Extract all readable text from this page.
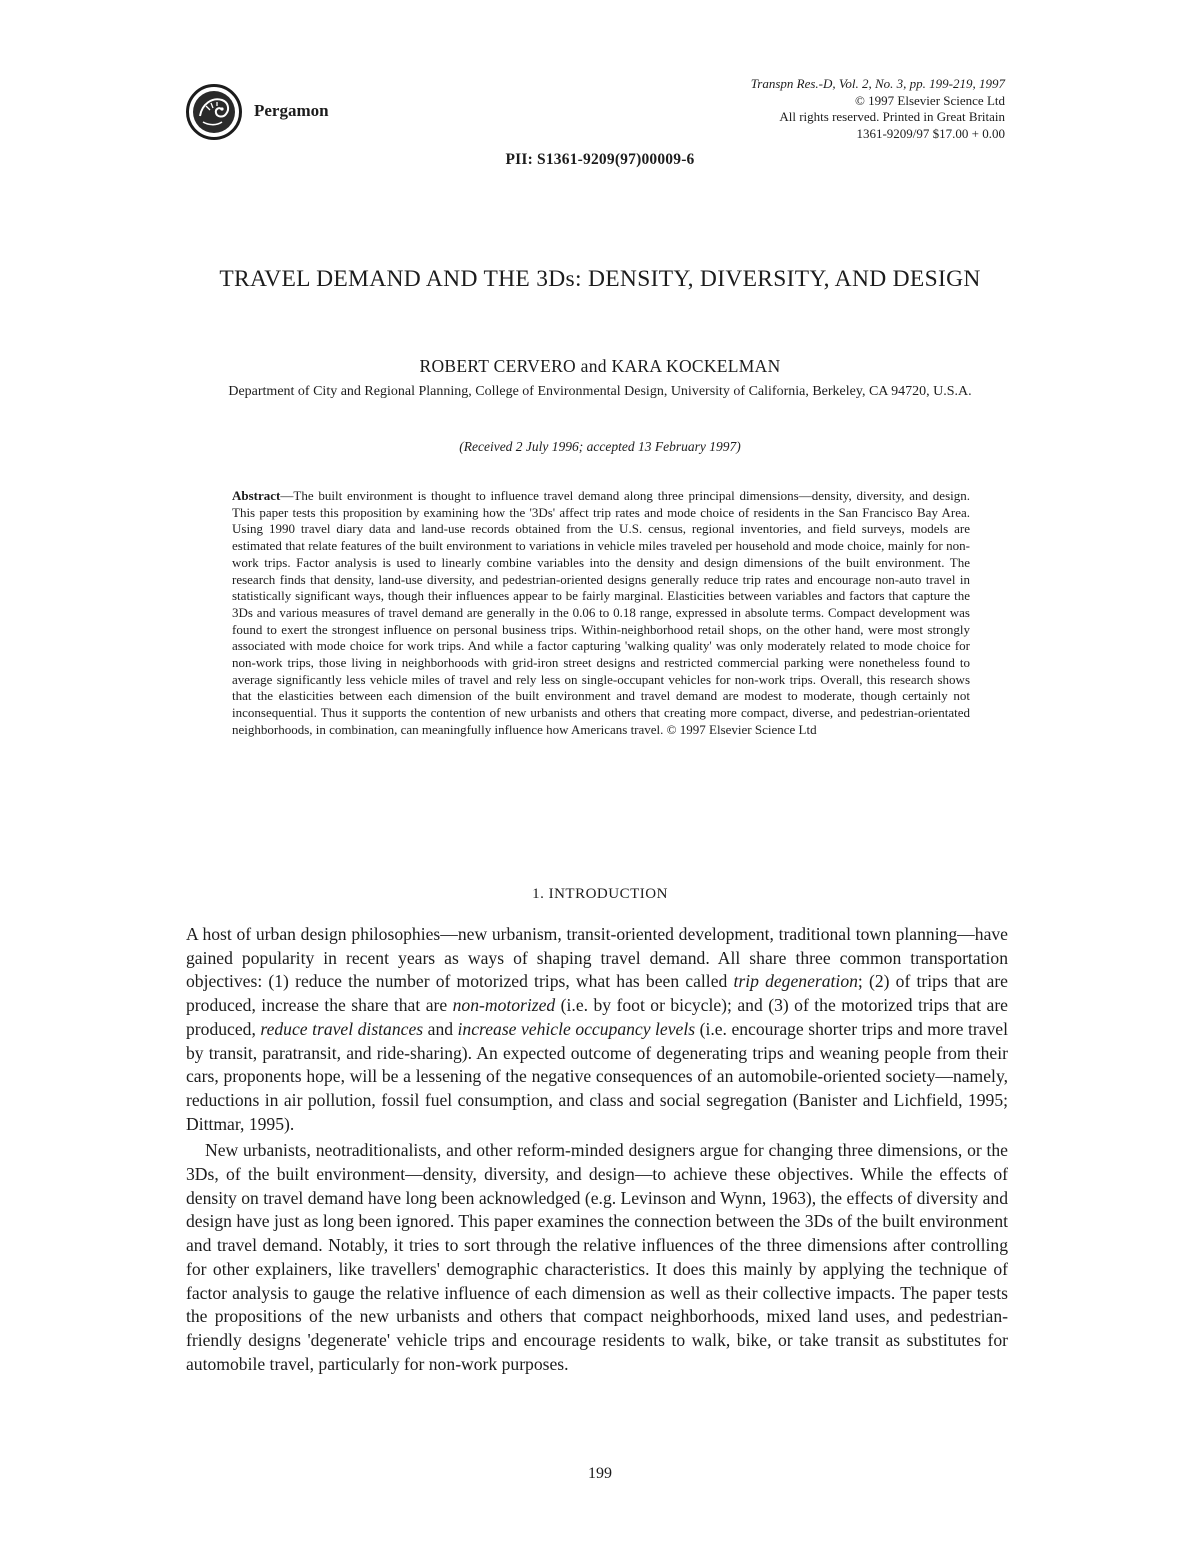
Pergamon
Transpn Res.-D, Vol. 2, No. 3, pp. 199-219, 1997
© 1997 Elsevier Science Ltd
All rights reserved. Printed in Great Britain
1361-9209/97 $17.00 + 0.00
PII: S1361-9209(97)00009-6
TRAVEL DEMAND AND THE 3Ds: DENSITY, DIVERSITY, AND DESIGN
ROBERT CERVERO and KARA KOCKELMAN
Department of City and Regional Planning, College of Environmental Design, University of California, Berkeley, CA 94720, U.S.A.
(Received 2 July 1996; accepted 13 February 1997)
Abstract—The built environment is thought to influence travel demand along three principal dimensions—density, diversity, and design. This paper tests this proposition by examining how the '3Ds' affect trip rates and mode choice of residents in the San Francisco Bay Area. Using 1990 travel diary data and land-use records obtained from the U.S. census, regional inventories, and field surveys, models are estimated that relate features of the built environment to variations in vehicle miles traveled per household and mode choice, mainly for non-work trips. Factor analysis is used to linearly combine variables into the density and design dimensions of the built environment. The research finds that density, land-use diversity, and pedestrian-oriented designs generally reduce trip rates and encourage non-auto travel in statistically significant ways, though their influences appear to be fairly marginal. Elasticities between variables and factors that capture the 3Ds and various measures of travel demand are generally in the 0.06 to 0.18 range, expressed in absolute terms. Compact development was found to exert the strongest influence on personal business trips. Within-neighborhood retail shops, on the other hand, were most strongly associated with mode choice for work trips. And while a factor capturing 'walking quality' was only moderately related to mode choice for non-work trips, those living in neighborhoods with grid-iron street designs and restricted commercial parking were nonetheless found to average significantly less vehicle miles of travel and rely less on single-occupant vehicles for non-work trips. Overall, this research shows that the elasticities between each dimension of the built environment and travel demand are modest to moderate, though certainly not inconsequential. Thus it supports the contention of new urbanists and others that creating more compact, diverse, and pedestrian-orientated neighborhoods, in combination, can meaningfully influence how Americans travel. © 1997 Elsevier Science Ltd
1. INTRODUCTION

A host of urban design philosophies—new urbanism, transit-oriented development, traditional town planning—have gained popularity in recent years as ways of shaping travel demand. All share three common transportation objectives: (1) reduce the number of motorized trips, what has been called trip degeneration; (2) of trips that are produced, increase the share that are non-motorized (i.e. by foot or bicycle); and (3) of the motorized trips that are produced, reduce travel distances and increase vehicle occupancy levels (i.e. encourage shorter trips and more travel by transit, paratransit, and ride-sharing). An expected outcome of degenerating trips and weaning people from their cars, proponents hope, will be a lessening of the negative consequences of an automobile-oriented society—namely, reductions in air pollution, fossil fuel consumption, and class and social segregation (Banister and Lichfield, 1995; Dittmar, 1995).

New urbanists, neotraditionalists, and other reform-minded designers argue for changing three dimensions, or the 3Ds, of the built environment—density, diversity, and design—to achieve these objectives. While the effects of density on travel demand have long been acknowledged (e.g. Levinson and Wynn, 1963), the effects of diversity and design have just as long been ignored. This paper examines the connection between the 3Ds of the built environment and travel demand. Notably, it tries to sort through the relative influences of the three dimensions after controlling for other explainers, like travellers' demographic characteristics. It does this mainly by applying the technique of factor analysis to gauge the relative influence of each dimension as well as their collective impacts. The paper tests the propositions of the new urbanists and others that compact neighborhoods, mixed land uses, and pedestrian-friendly designs 'degenerate' vehicle trips and encourage residents to walk, bike, or take transit as substitutes for automobile travel, particularly for non-work purposes.

199
